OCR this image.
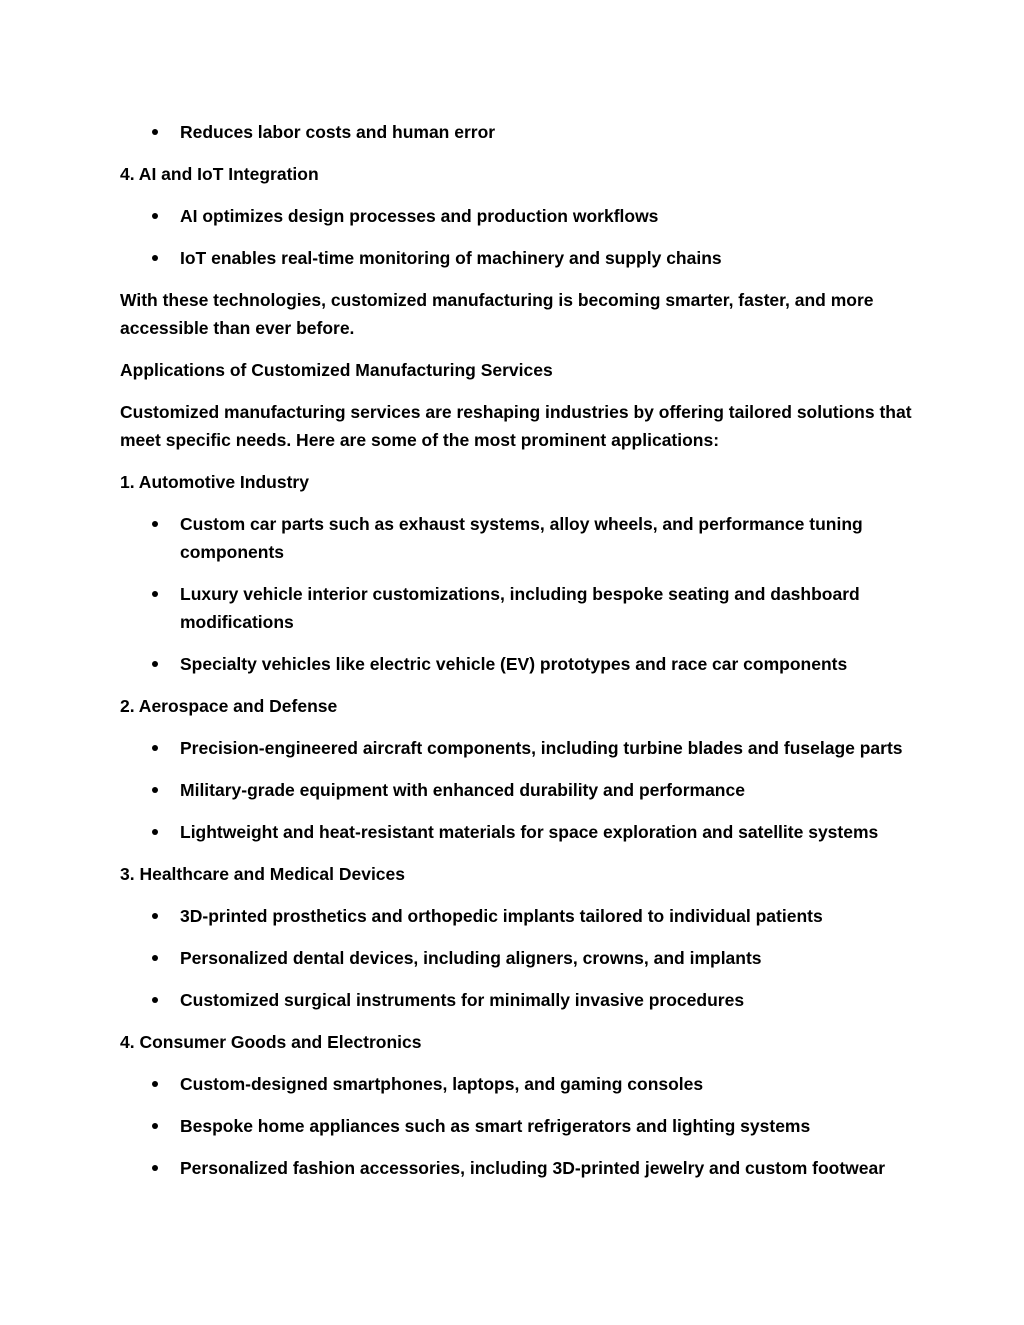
Reduces labor costs and human error

4. AI and IoT Integration

AI optimizes design processes and production workflows
IoT enables real-time monitoring of machinery and supply chains

With these technologies, customized manufacturing is becoming smarter, faster, and more accessible than ever before.

Applications of Customized Manufacturing Services

Customized manufacturing services are reshaping industries by offering tailored solutions that meet specific needs. Here are some of the most prominent applications:

1. Automotive Industry

Custom car parts such as exhaust systems, alloy wheels, and performance tuning components
Luxury vehicle interior customizations, including bespoke seating and dashboard modifications
Specialty vehicles like electric vehicle (EV) prototypes and race car components

2. Aerospace and Defense

Precision-engineered aircraft components, including turbine blades and fuselage parts
Military-grade equipment with enhanced durability and performance
Lightweight and heat-resistant materials for space exploration and satellite systems

3. Healthcare and Medical Devices

3D-printed prosthetics and orthopedic implants tailored to individual patients
Personalized dental devices, including aligners, crowns, and implants
Customized surgical instruments for minimally invasive procedures

4. Consumer Goods and Electronics

Custom-designed smartphones, laptops, and gaming consoles
Bespoke home appliances such as smart refrigerators and lighting systems
Personalized fashion accessories, including 3D-printed jewelry and custom footwear
